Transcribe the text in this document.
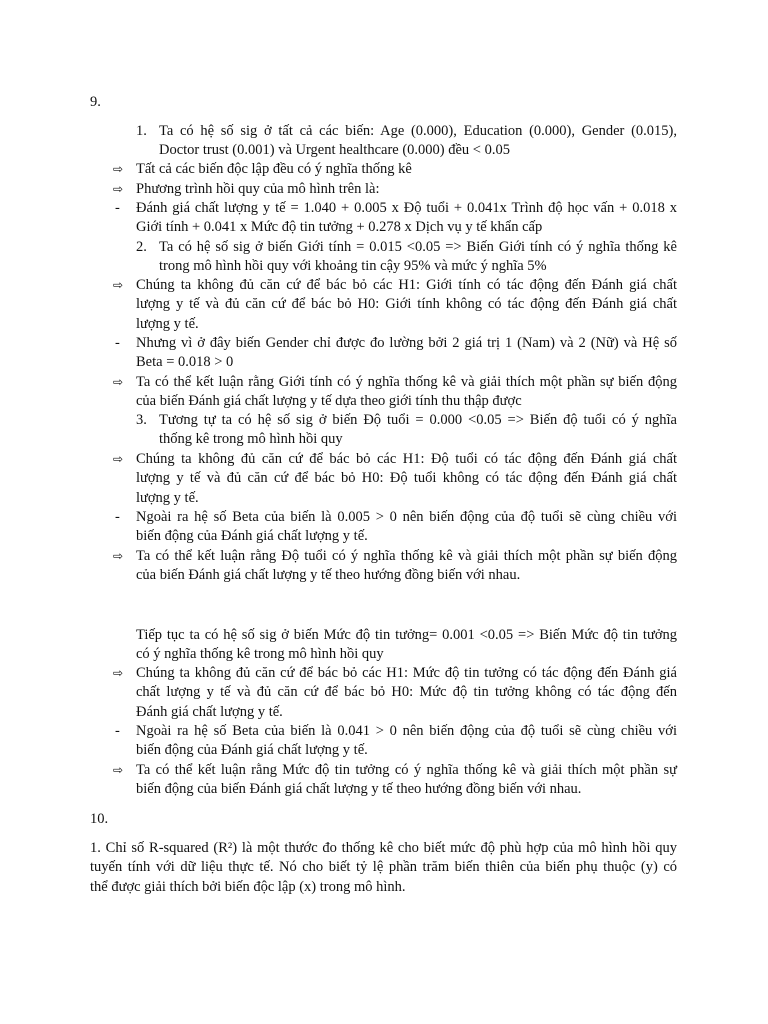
9.
1. Ta có hệ số sig ở tất cả các biến: Age (0.000), Education (0.000), Gender (0.015),
Doctor trust (0.001) và Urgent healthcare (0.000) đều < 0.05
⇨ Tất cả các biến độc lập đều có ý nghĩa thống kê
⇨ Phương trình hồi quy của mô hình trên là:
- Đánh giá chất lượng y tế = 1.040 + 0.005 x Độ tuổi + 0.041x Trình độ học vấn + 0.018 x
Giới tính + 0.041 x Mức độ tin tưởng + 0.278 x Dịch vụ y tế khẩn cấp
2. Ta có hệ số sig ở biến Giới tính = 0.015 <0.05 => Biến Giới tính có ý nghĩa thống kê
trong mô hình hồi quy với khoảng tin cậy 95% và mức ý nghĩa 5%
⇨ Chúng ta không đủ căn cứ để bác bỏ các H1: Giới tính có tác động đến Đánh giá chất
lượng y tế và đủ căn cứ để bác bỏ H0: Giới tính không có tác động đến Đánh giá chất
lượng y tế.
- Nhưng vì ở đây biến Gender chỉ được đo lường bởi 2 giá trị 1 (Nam) và 2 (Nữ) và Hệ số
Beta = 0.018 > 0
⇨ Ta có thể kết luận rằng Giới tính có ý nghĩa thống kê và giải thích một phần sự biến động
của biến Đánh giá chất lượng y tế dựa theo giới tính thu thập được
3. Tương tự ta có hệ số sig ở biến Độ tuổi = 0.000 <0.05 => Biến độ tuổi có ý nghĩa
thống kê trong mô hình hồi quy
⇨ Chúng ta không đủ căn cứ để bác bỏ các H1: Độ tuổi có tác động đến Đánh giá chất
lượng y tế và đủ căn cứ để bác bỏ H0: Độ tuổi không có tác động đến Đánh giá chất
lượng y tế.
- Ngoài ra hệ số Beta của biến là 0.005 > 0 nên biến động của độ tuổi sẽ cùng chiều với
biến động của Đánh giá chất lượng y tế.
⇨ Ta có thể kết luận rằng Độ tuổi có ý nghĩa thống kê và giải thích một phần sự biến động
của biến Đánh giá chất lượng y tế theo hướng đồng biến với nhau.
Tiếp tục ta có hệ số sig ở biến Mức độ tin tưởng= 0.001 <0.05 => Biến Mức độ tin tưởng
có ý nghĩa thống kê trong mô hình hồi quy
⇨ Chúng ta không đủ căn cứ để bác bỏ các H1: Mức độ tin tưởng có tác động đến Đánh giá
chất lượng y tế và đủ căn cứ để bác bỏ H0: Mức độ tin tưởng không có tác động đến
Đánh giá chất lượng y tế.
- Ngoài ra hệ số Beta của biến là 0.041 > 0 nên biến động của độ tuổi sẽ cùng chiều với
biến động của Đánh giá chất lượng y tế.
⇨ Ta có thể kết luận rằng Mức độ tin tưởng có ý nghĩa thống kê và giải thích một phần sự
biến động của biến Đánh giá chất lượng y tế theo hướng đồng biến với nhau.
10.
1. Chỉ số R-squared (R²) là một thước đo thống kê cho biết mức độ phù hợp của mô hình hồi quy
tuyến tính với dữ liệu thực tế. Nó cho biết tỷ lệ phần trăm biến thiên của biến phụ thuộc (y) có
thể được giải thích bởi biến độc lập (x) trong mô hình.
